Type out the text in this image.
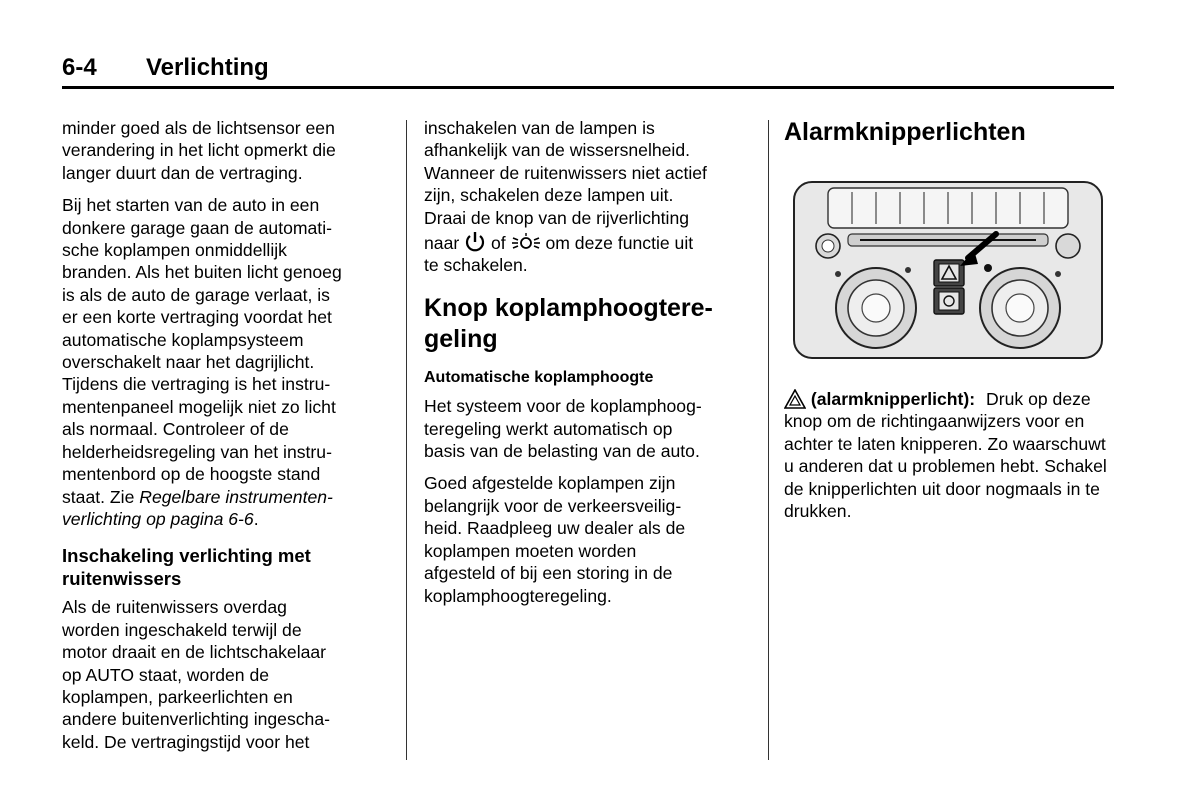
6-4 Verlichting

minder goed als de lichtsensor een
verandering in het licht opmerkt die
langer duurt dan de vertraging.

Bij het starten van de auto in een
donkere garage gaan de automati-
sche koplampen onmiddellijk
branden. Als het buiten licht genoeg
is als de auto de garage verlaat, is
er een korte vertraging voordat het
automatische koplampsysteem
overschakelt naar het dagrijlicht.
Tijdens die vertraging is het instru-
mentenpaneel mogelijk niet zo licht
als normaal. Controleer of de
helderheidsregeling van het instru-
mentenbord op de hoogste stand
staat. Zie Regelbare instrumenten-
verlichting op pagina 6-6.

Inschakeling verlichting met
ruitenwissers

Als de ruitenwissers overdag
worden ingeschakeld terwijl de
motor draait en de lichtschakelaar
op AUTO staat, worden de
koplampen, parkeerlichten en
andere buitenverlichting ingescha-
keld. De vertragingstijd voor het

inschakelen van de lampen is
afhankelijk van de wissersnelheid.
Wanneer de ruitenwissers niet actief
zijn, schakelen deze lampen uit.
Draai de knop van de rijverlichting
naar of om deze functie uit
te schakelen.

Knop koplamphoogtere-
geling
Automatische koplamphoogte

Het systeem voor de koplamphoog-
teregeling werkt automatisch op
basis van de belasting van de auto.

Goed afgestelde koplampen zijn
belangrijk voor de verkeersveilig-
heid. Raadpleeg uw dealer als de
koplampen moeten worden
afgesteld of bij een storing in de
koplamphoogteregeling.

Alarmknipperlichten
(alarmknipperlicht): Druk op deze knop om de richtingaanwijzers voor en achter te laten knipperen. Zo waarschuwt u anderen dat u problemen hebt. Schakel de knipperlichten uit door nogmaals in te drukken.
